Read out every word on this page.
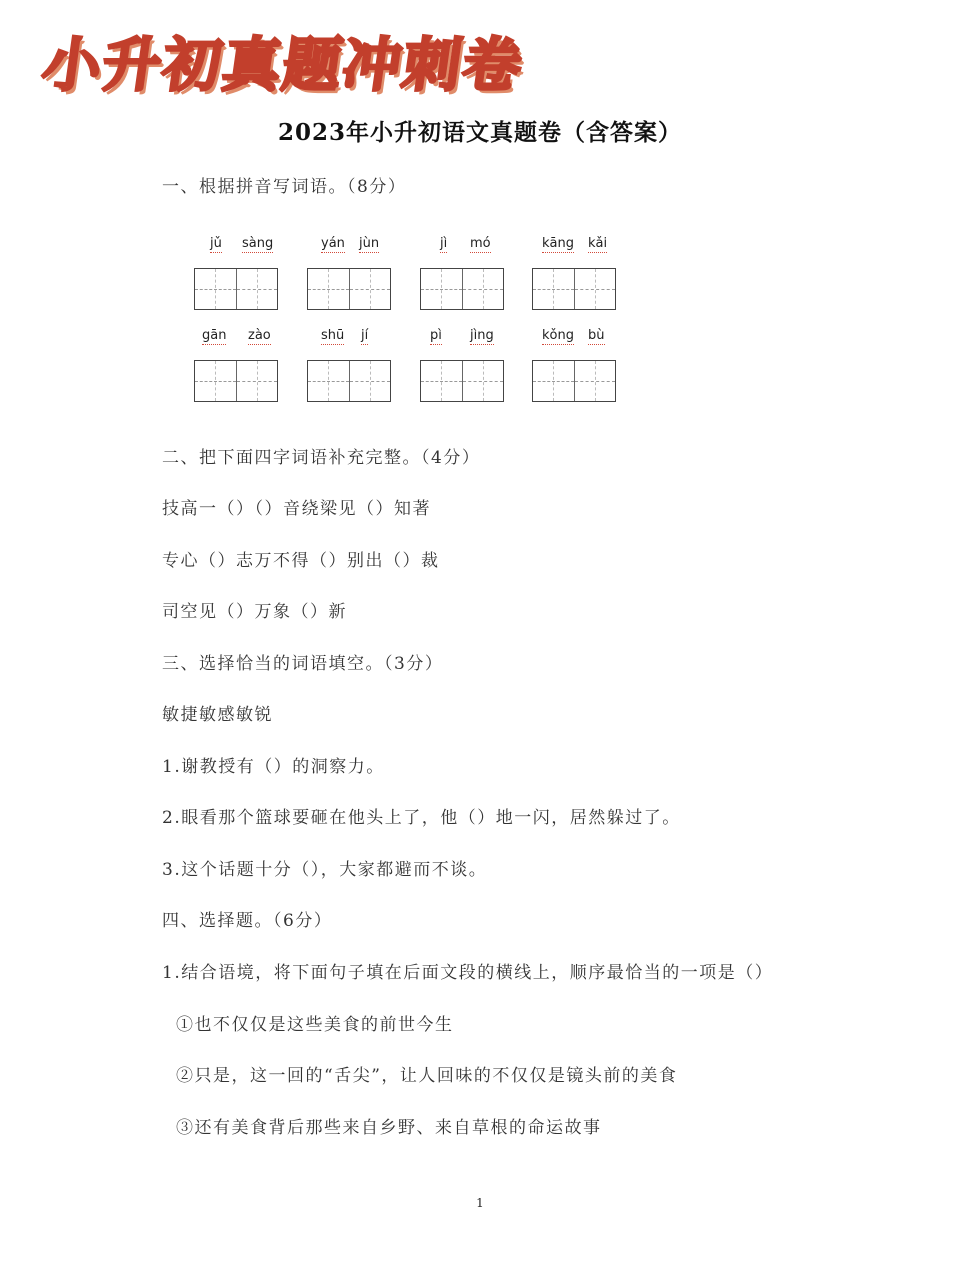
小升初真题冲刺卷
2023年小升初语文真题卷（含答案）
一、根据拼音写词语。（8分）
jǔ sàng	yán jùn	jì mó	kāng kǎi
gān zào	shū jí	pì jìng	kǒng bù
二、把下面四字词语补充完整。（4分）
技高一（）（）音绕梁见（）知著
专心（）志万不得（）别出（）裁
司空见（）万象（）新
三、选择恰当的词语填空。（3分）
敏捷敏感敏锐
1.谢教授有（）的洞察力。
2.眼看那个篮球要砸在他头上了，他（）地一闪，居然躲过了。
3.这个话题十分（），大家都避而不谈。
四、选择题。（6分）
1.结合语境，将下面句子填在后面文段的横线上，顺序最恰当的一项是（）
①也不仅仅是这些美食的前世今生
②只是，这一回的“舌尖”，让人回味的不仅仅是镜头前的美食
③还有美食背后那些来自乡野、来自草根的命运故事
1
